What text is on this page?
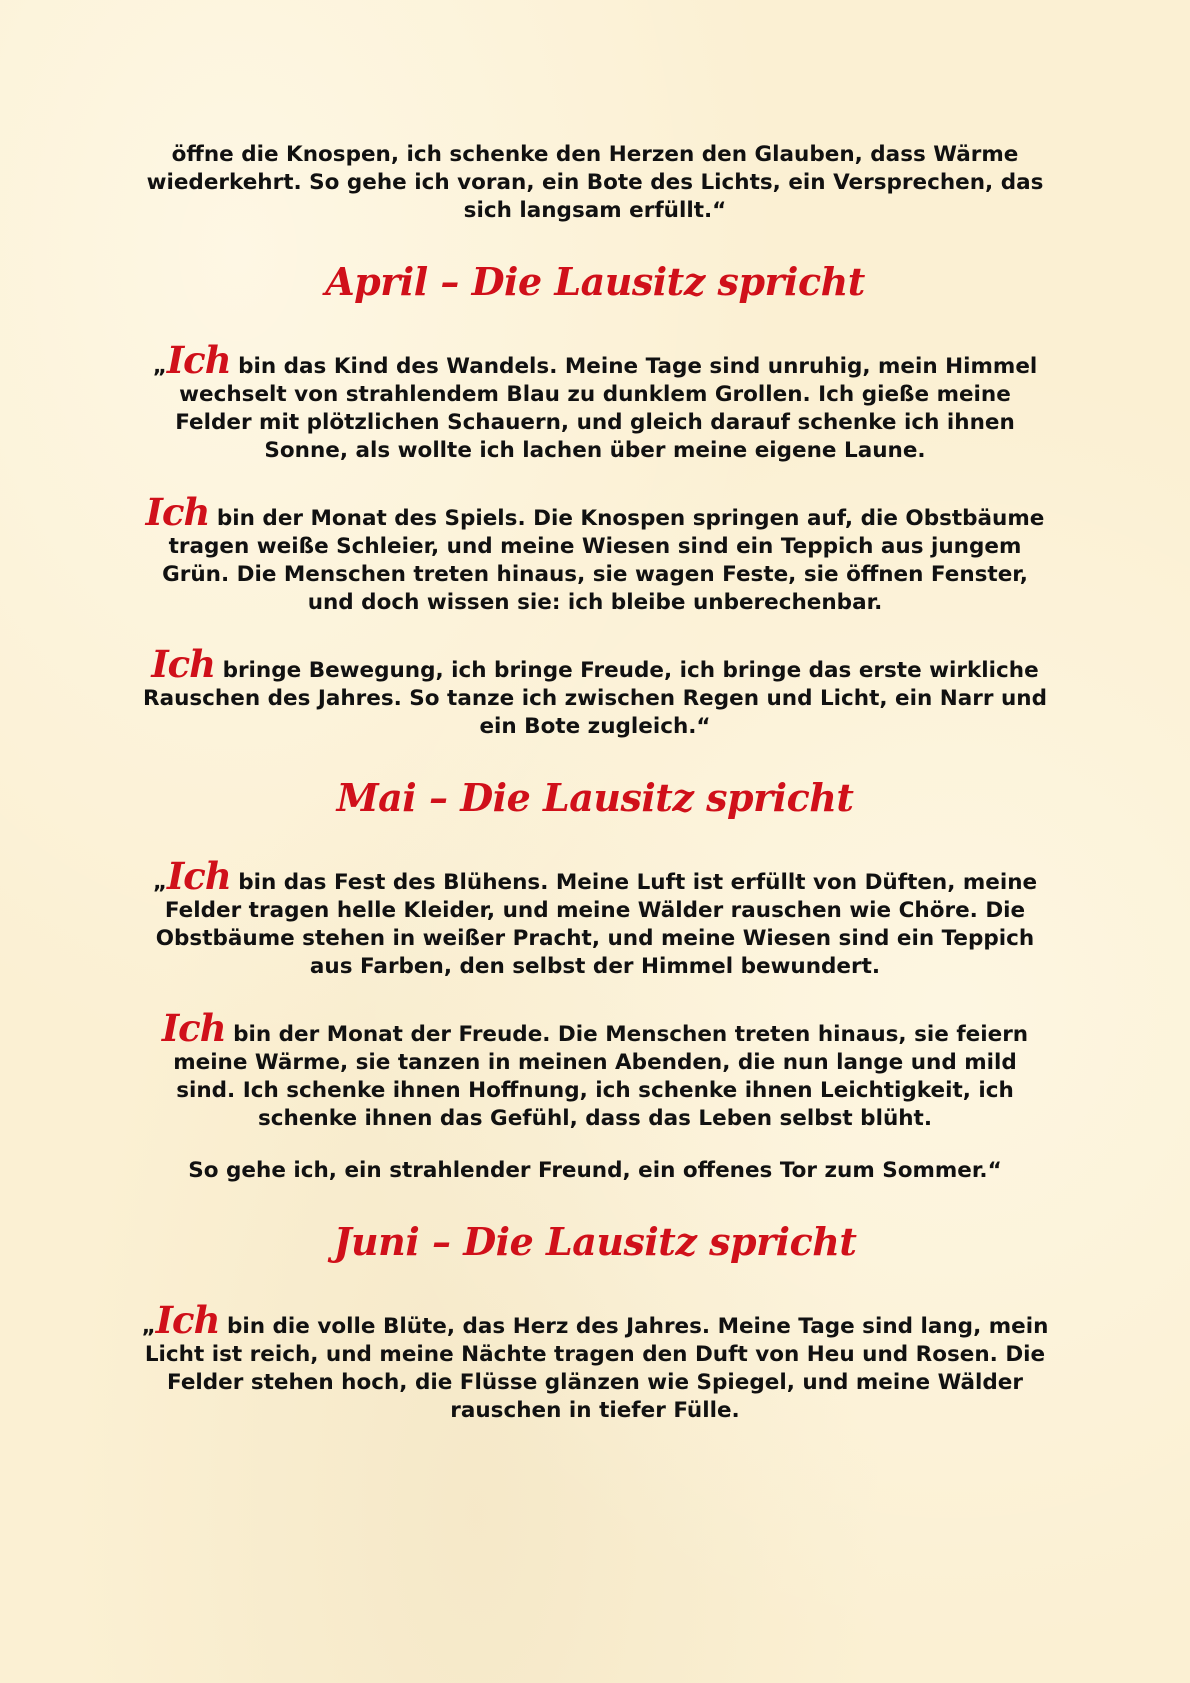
öffne die Knospen, ich schenke den Herzen den Glauben, dass Wärme wiederkehrt. So gehe ich voran, ein Bote des Lichts, ein Versprechen, das sich langsam erfüllt.“

April – Die Lausitz spricht

„Ich bin das Kind des Wandels. Meine Tage sind unruhig, mein Himmel wechselt von strahlendem Blau zu dunklem Grollen. Ich gieße meine Felder mit plötzlichen Schauern, und gleich darauf schenke ich ihnen Sonne, als wollte ich lachen über meine eigene Laune.

Ich bin der Monat des Spiels. Die Knospen springen auf, die Obstbäume tragen weiße Schleier, und meine Wiesen sind ein Teppich aus jungem Grün. Die Menschen treten hinaus, sie wagen Feste, sie öffnen Fenster, und doch wissen sie: ich bleibe unberechenbar.

Ich bringe Bewegung, ich bringe Freude, ich bringe das erste wirkliche Rauschen des Jahres. So tanze ich zwischen Regen und Licht, ein Narr und ein Bote zugleich.“

Mai – Die Lausitz spricht

„Ich bin das Fest des Blühens. Meine Luft ist erfüllt von Düften, meine Felder tragen helle Kleider, und meine Wälder rauschen wie Chöre. Die Obstbäume stehen in weißer Pracht, und meine Wiesen sind ein Teppich aus Farben, den selbst der Himmel bewundert.

Ich bin der Monat der Freude. Die Menschen treten hinaus, sie feiern meine Wärme, sie tanzen in meinen Abenden, die nun lange und mild sind. Ich schenke ihnen Hoffnung, ich schenke ihnen Leichtigkeit, ich schenke ihnen das Gefühl, dass das Leben selbst blüht.

So gehe ich, ein strahlender Freund, ein offenes Tor zum Sommer.“

Juni – Die Lausitz spricht

„Ich bin die volle Blüte, das Herz des Jahres. Meine Tage sind lang, mein Licht ist reich, und meine Nächte tragen den Duft von Heu und Rosen. Die Felder stehen hoch, die Flüsse glänzen wie Spiegel, und meine Wälder rauschen in tiefer Fülle.
